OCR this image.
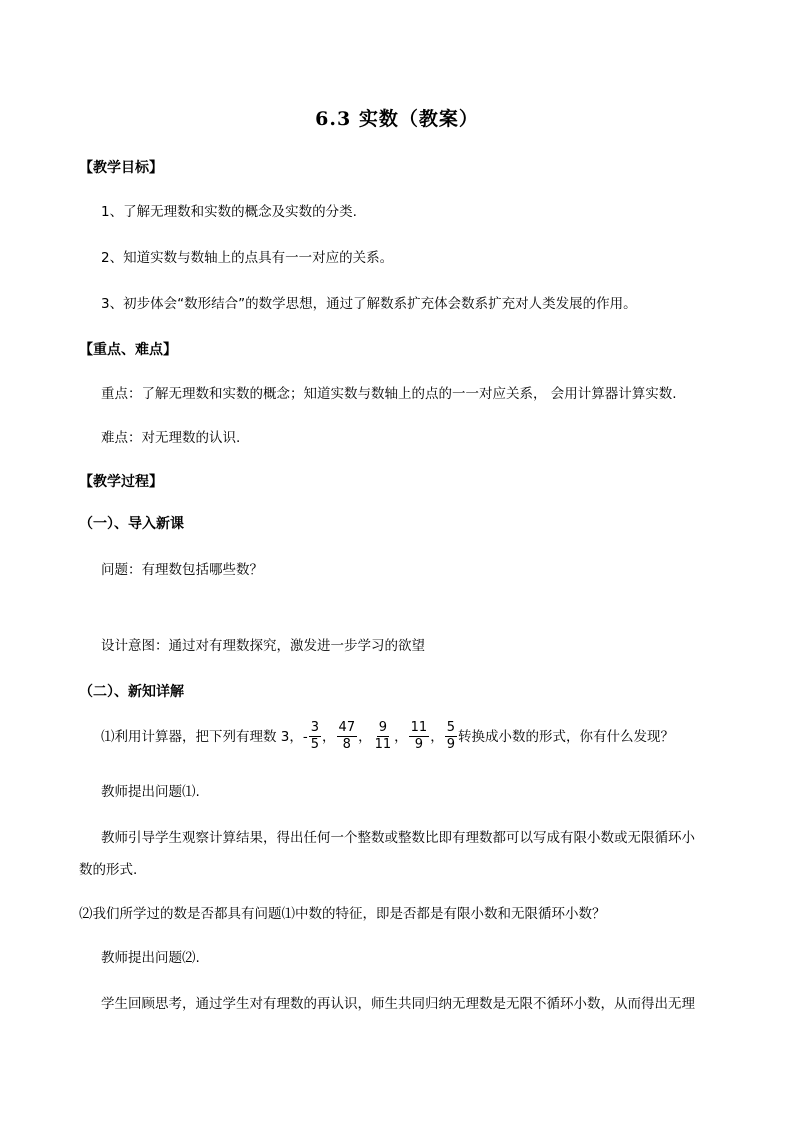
6.3 实数（教案）
【教学目标】
1、了解无理数和实数的概念及实数的分类.
2、知道实数与数轴上的点具有一一对应的关系。
3、初步体会“数形结合”的数学思想，通过了解数系扩充体会数系扩充对人类发展的作用。
【重点、难点】
重点：了解无理数和实数的概念；知道实数与数轴上的点的一一对应关系， 会用计算器计算实数.
难点：对无理数的认识.
【教学过程】
（一）、导入新课
问题：有理数包括哪些数？
设计意图：通过对有理数探究，激发进一步学习的欲望
（二）、新知详解
⑴利用计算器，把下列有理数 3，- $\frac{3}{5}$ ， $\frac{47}{8}$ ， $\frac{9}{11}$ ， $\frac{11}{9}$ ， $\frac{5}{9}$ 转换成小数的形式，你有什么发现？
教师提出问题⑴.
教师引导学生观察计算结果，得出任何一个整数或整数比即有理数都可以写成有限小数或无限循环小
数的形式.
⑵我们所学过的数是否都具有问题⑴中数的特征，即是否都是有限小数和无限循环小数？
教师提出问题⑵.
学生回顾思考，通过学生对有理数的再认识，师生共同归纳无理数是无限不循环小数，从而得出无理
